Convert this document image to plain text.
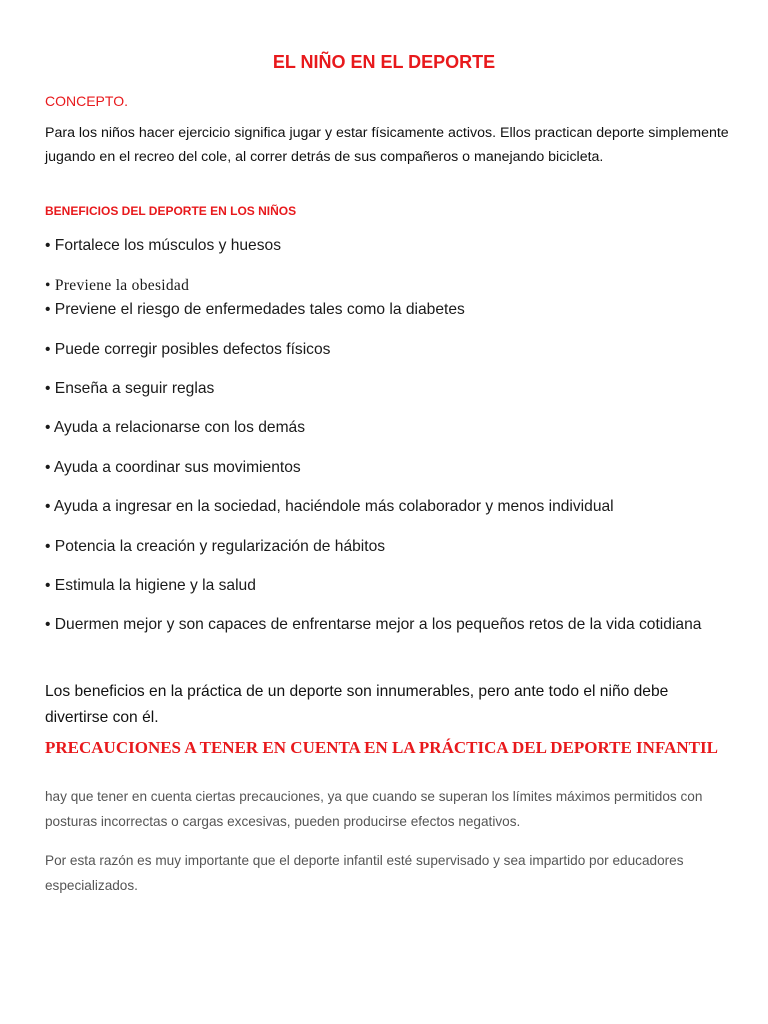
EL NIÑO EN EL DEPORTE

CONCEPTO.

Para los niños hacer ejercicio significa jugar y estar físicamente activos. Ellos practican deporte simplemente jugando en el recreo del cole, al correr detrás de sus compañeros o manejando bicicleta.

BENEFICIOS DEL DEPORTE EN LOS NIÑOS

• Fortalece los músculos y huesos

• Previene la obesidad

• Previene el riesgo de enfermedades tales como la diabetes

• Puede corregir posibles defectos físicos

• Enseña a seguir reglas

• Ayuda a relacionarse con los demás

• Ayuda a coordinar sus movimientos

• Ayuda a ingresar en la sociedad, haciéndole más colaborador y menos individual

• Potencia la creación y regularización de hábitos

• Estimula la higiene y la salud

• Duermen mejor y son capaces de enfrentarse mejor a los pequeños retos de la vida cotidiana

Los beneficios en la práctica de un deporte son innumerables, pero ante todo el niño debe divertirse con él.

PRECAUCIONES A TENER EN CUENTA EN LA PRÁCTICA DEL DEPORTE INFANTIL

hay que tener en cuenta ciertas precauciones, ya que cuando se superan los límites máximos permitidos con posturas incorrectas o cargas excesivas, pueden producirse efectos negativos.

Por esta razón es muy importante que el deporte infantil esté supervisado y sea impartido por educadores especializados.
